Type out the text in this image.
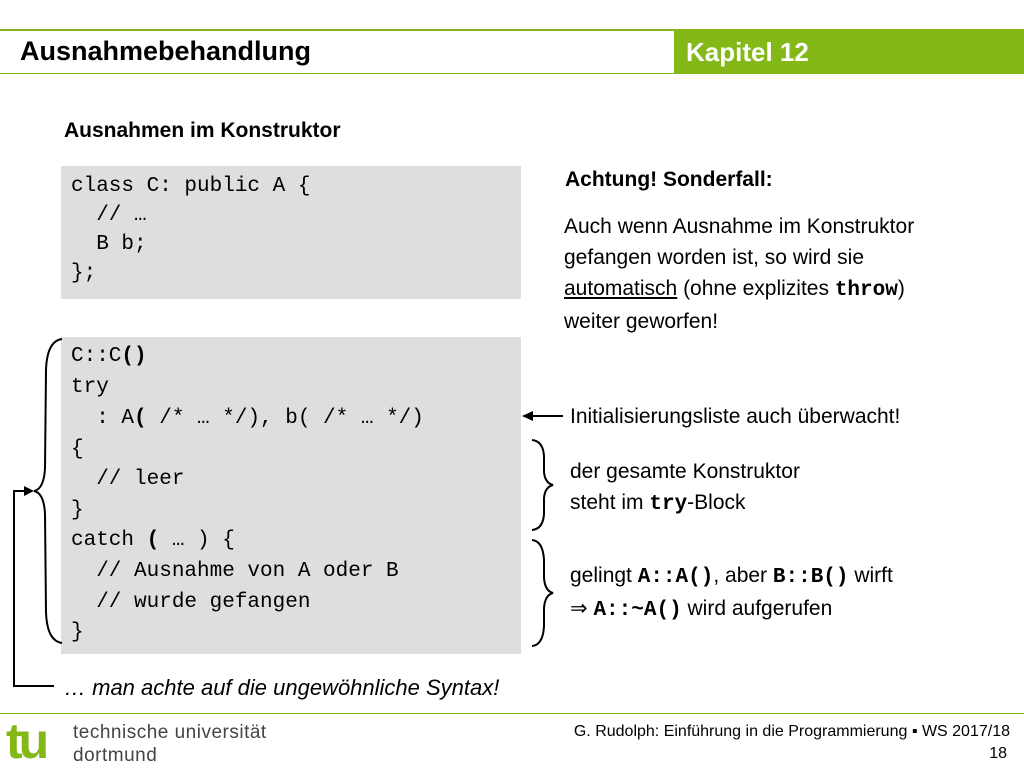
Ausnahmebehandlung	Kapitel 12
Ausnahmen im Konstruktor
class C: public A {
// …
B b;
};
C::C()
try
: A( /* … */), b( /* … */)
{
// leer
}
catch ( … ) {
// Ausnahme von A oder B
// wurde gefangen
}
Achtung! Sonderfall:
Auch wenn Ausnahme im Konstruktor
gefangen worden ist, so wird sie
automatisch (ohne explizites throw)
weiter geworfen!
Initialisierungsliste auch überwacht!
der gesamte Konstruktor
steht im try-Block
gelingt A::A(), aber B::B() wirft
⇒ A::~A() wird aufgerufen
… man achte auf die ungewöhnliche Syntax!
tu technische universität
dortmund
G. Rudolph: Einführung in die Programmierung ▪ WS 2017/18
18
